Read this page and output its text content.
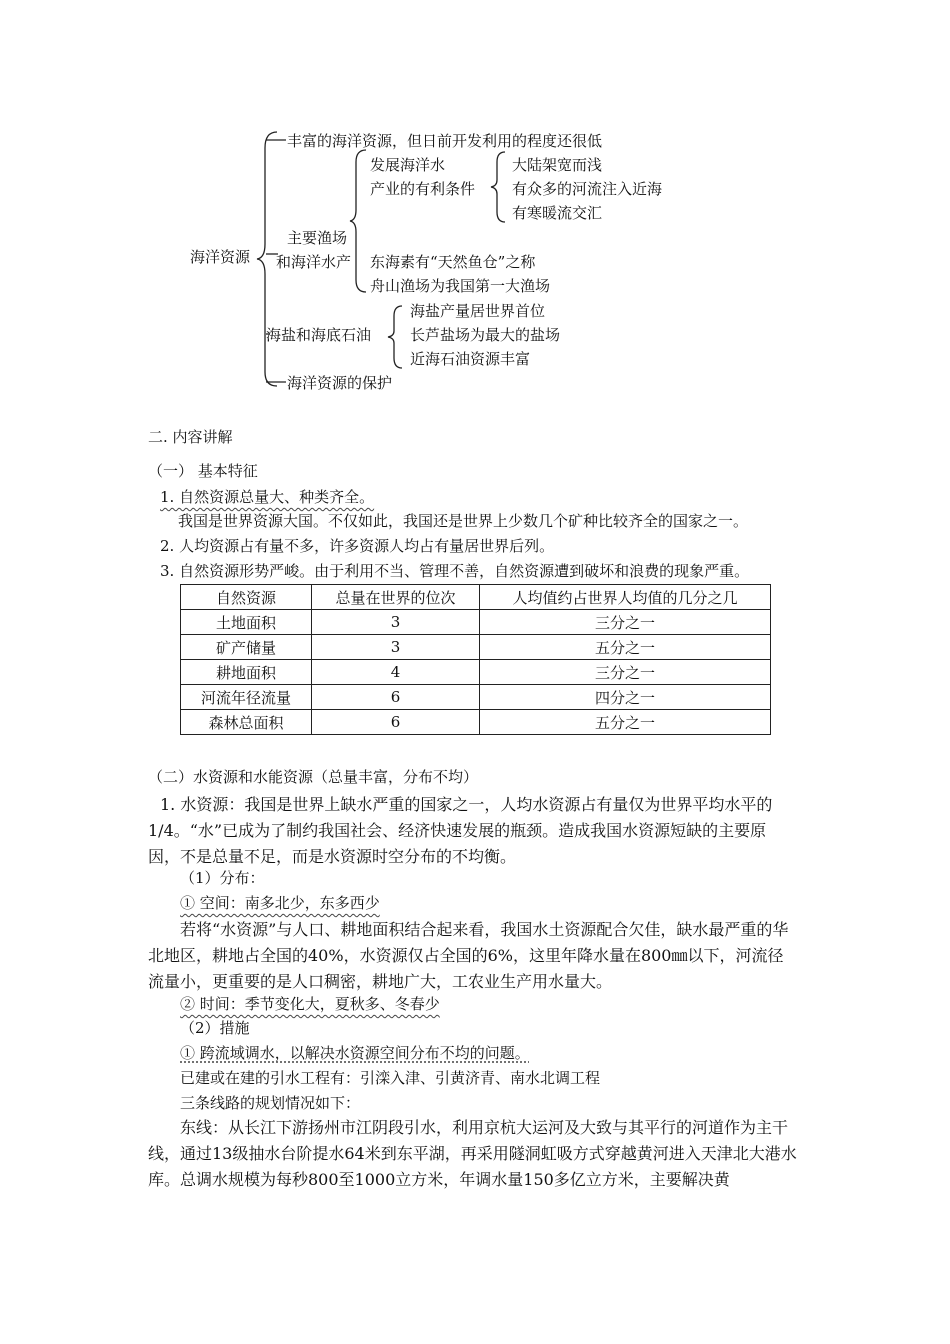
海洋资源
丰富的海洋资源，但日前开发利用的程度还很低
主要渔场
和海洋水产
发展海洋水
产业的有利条件
大陆架宽而浅
有众多的河流注入近海
有寒暖流交汇
东海素有“天然鱼仓”之称
舟山渔场为我国第一大渔场
海盐和海底石油
海盐产量居世界首位
长芦盐场为最大的盐场
近海石油资源丰富
海洋资源的保护
二. 内容讲解
（一） 基本特征
1. 自然资源总量大、种类齐全。
我国是世界资源大国。不仅如此，我国还是世界上少数几个矿种比较齐全的国家之一。
2. 人均资源占有量不多，许多资源人均占有量居世界后列。
3. 自然资源形势严峻。由于利用不当、管理不善，自然资源遭到破坏和浪费的现象严重。
自然资源	总量在世界的位次	人均值约占世界人均值的几分之几
土地面积	3	三分之一
矿产储量	3	五分之一
耕地面积	4	三分之一
河流年径流量	6	四分之一
森林总面积	6	五分之一
（二）水资源和水能资源（总量丰富，分布不均）
1. 水资源：我国是世界上缺水严重的国家之一，人均水资源占有量仅为世界平均水平的1/4。“水”已成为了制约我国社会、经济快速发展的瓶颈。造成我国水资源短缺的主要原因，不是总量不足，而是水资源时空分布的不均衡。
（1）分布：
① 空间：南多北少，东多西少
若将“水资源”与人口、耕地面积结合起来看，我国水土资源配合欠佳，缺水最严重的华北地区，耕地占全国的40%，水资源仅占全国的6%，这里年降水量在800㎜以下，河流径流量小，更重要的是人口稠密，耕地广大，工农业生产用水量大。
② 时间：季节变化大，夏秋多、冬春少
（2）措施
① 跨流域调水，以解决水资源空间分布不均的问题。
已建或在建的引水工程有：引滦入津、引黄济青、南水北调工程
三条线路的规划情况如下：
东线：从长江下游扬州市江阴段引水，利用京杭大运河及大致与其平行的河道作为主干线，通过13级抽水台阶提水64米到东平湖，再采用隧洞虹吸方式穿越黄河进入天津北大港水库。总调水规模为每秒800至1000立方米，年调水量150多亿立方米，主要解决黄
